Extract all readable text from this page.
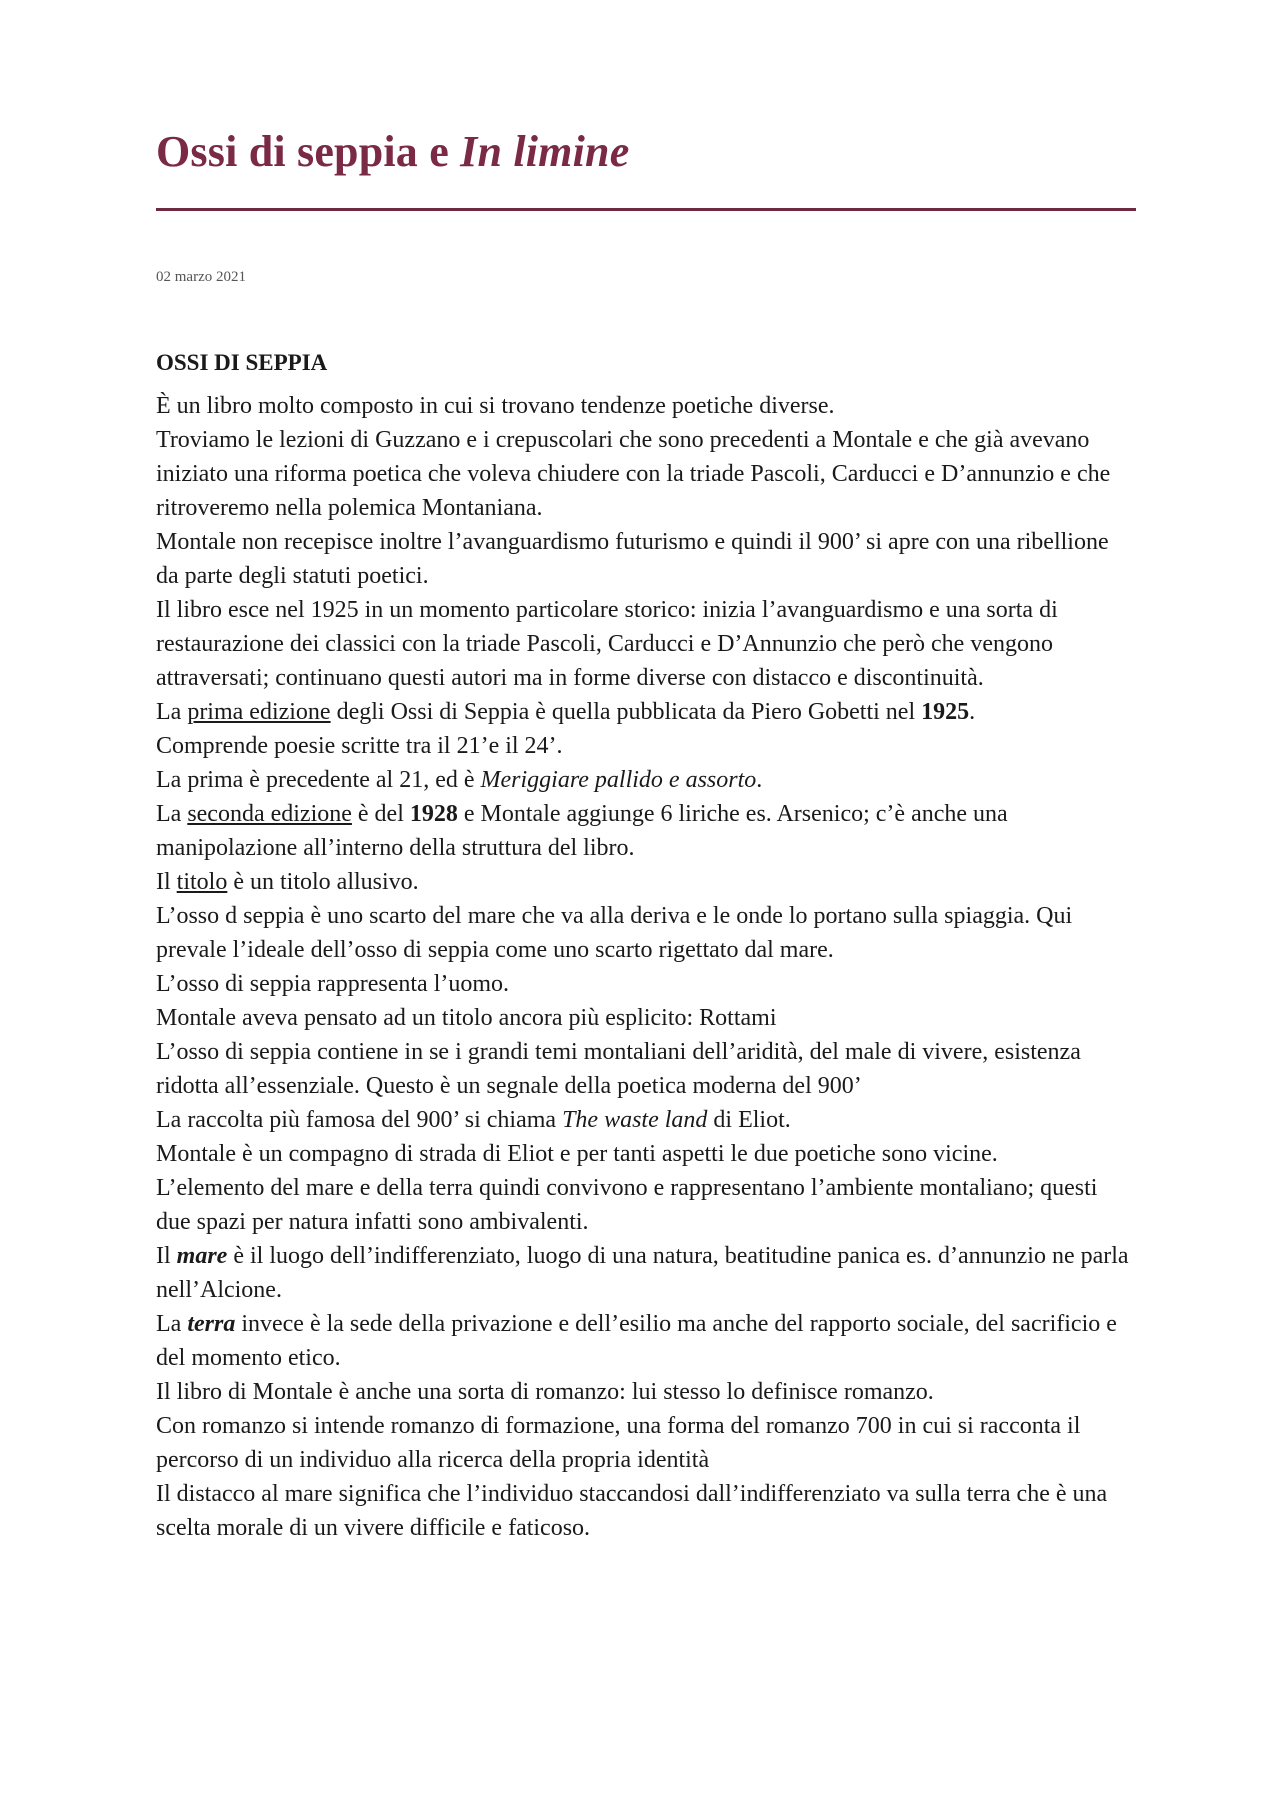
Ossi di seppia e In limine
02 marzo 2021
OSSI DI SEPPIA

È un libro molto composto in cui si trovano tendenze poetiche diverse.

Troviamo le lezioni di Guzzano e i crepuscolari che sono precedenti a Montale e che già avevano iniziato una riforma poetica che voleva chiudere con la triade Pascoli, Carducci e D’annunzio e che ritroveremo nella polemica Montaniana.

Montale non recepisce inoltre l’avanguardismo futurismo e quindi il 900’ si apre con una ribellione da parte degli statuti poetici.

Il libro esce nel 1925 in un momento particolare storico: inizia l’avanguardismo e una sorta di restaurazione dei classici con la triade Pascoli, Carducci e D’Annunzio che però che vengono attraversati; continuano questi autori ma in forme diverse con distacco e discontinuità.

La prima edizione degli Ossi di Seppia è quella pubblicata da Piero Gobetti nel 1925.

Comprende poesie scritte tra il 21’e il 24’.

La prima è precedente al 21, ed è Meriggiare pallido e assorto.

La seconda edizione è del 1928 e Montale aggiunge 6 liriche es. Arsenico; c’è anche una manipolazione all’interno della struttura del libro.

Il titolo è un titolo allusivo.

L’osso d seppia è uno scarto del mare che va alla deriva e le onde lo portano sulla spiaggia. Qui prevale l’ideale dell’osso di seppia come uno scarto rigettato dal mare.

L’osso di seppia rappresenta l’uomo.

Montale aveva pensato ad un titolo ancora più esplicito: Rottami

L’osso di seppia contiene in se i grandi temi montaliani dell’aridità, del male di vivere, esistenza ridotta all’essenziale. Questo è un segnale della poetica moderna del 900’

La raccolta più famosa del 900’ si chiama The waste land di Eliot.

Montale è un compagno di strada di Eliot e per tanti aspetti le due poetiche sono vicine.

L’elemento del mare e della terra quindi convivono e rappresentano l’ambiente montaliano; questi due spazi per natura infatti sono ambivalenti.

Il mare è il luogo dell’indifferenziato, luogo di una natura, beatitudine panica es. d’annunzio ne parla nell’Alcione.

La terra invece è la sede della privazione e dell’esilio ma anche del rapporto sociale, del sacrificio e del momento etico.

Il libro di Montale è anche una sorta di romanzo: lui stesso lo definisce romanzo.

Con romanzo si intende romanzo di formazione, una forma del romanzo 700 in cui si racconta il percorso di un individuo alla ricerca della propria identità

Il distacco al mare significa che l’individuo staccandosi dall’indifferenziato va sulla terra che è una scelta morale di un vivere difficile e faticoso.
